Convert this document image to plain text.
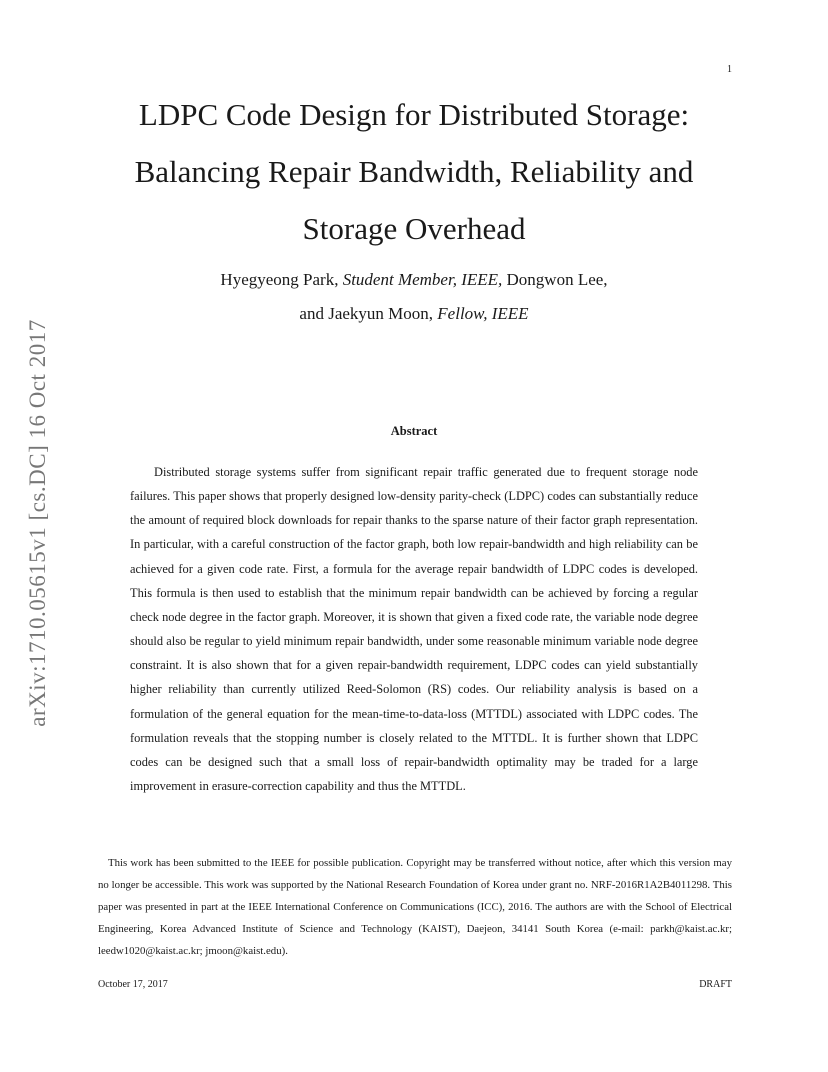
1
arXiv:1710.05615v1 [cs.DC] 16 Oct 2017
LDPC Code Design for Distributed Storage:
Balancing Repair Bandwidth, Reliability and
Storage Overhead
Hyegyeong Park, Student Member, IEEE, Dongwon Lee,
and Jaekyun Moon, Fellow, IEEE
Abstract

Distributed storage systems suffer from significant repair traffic generated due to frequent storage node failures. This paper shows that properly designed low-density parity-check (LDPC) codes can substantially reduce the amount of required block downloads for repair thanks to the sparse nature of their factor graph representation. In particular, with a careful construction of the factor graph, both low repair-bandwidth and high reliability can be achieved for a given code rate. First, a formula for the average repair bandwidth of LDPC codes is developed. This formula is then used to establish that the minimum repair bandwidth can be achieved by forcing a regular check node degree in the factor graph. Moreover, it is shown that given a fixed code rate, the variable node degree should also be regular to yield minimum repair bandwidth, under some reasonable minimum variable node degree constraint. It is also shown that for a given repair-bandwidth requirement, LDPC codes can yield substantially higher reliability than currently utilized Reed-Solomon (RS) codes. Our reliability analysis is based on a formulation of the general equation for the mean-time-to-data-loss (MTTDL) associated with LDPC codes. The formulation reveals that the stopping number is closely related to the MTTDL. It is further shown that LDPC codes can be designed such that a small loss of repair-bandwidth optimality may be traded for a large improvement in erasure-correction capability and thus the MTTDL.

This work has been submitted to the IEEE for possible publication. Copyright may be transferred without notice, after which this version may no longer be accessible. This work was supported by the National Research Foundation of Korea under grant no. NRF-2016R1A2B4011298. This paper was presented in part at the IEEE International Conference on Communications (ICC), 2016. The authors are with the School of Electrical Engineering, Korea Advanced Institute of Science and Technology (KAIST), Daejeon, 34141 South Korea (e-mail: parkh@kaist.ac.kr; leedw1020@kaist.ac.kr; jmoon@kaist.edu).

October 17, 2017	DRAFT
